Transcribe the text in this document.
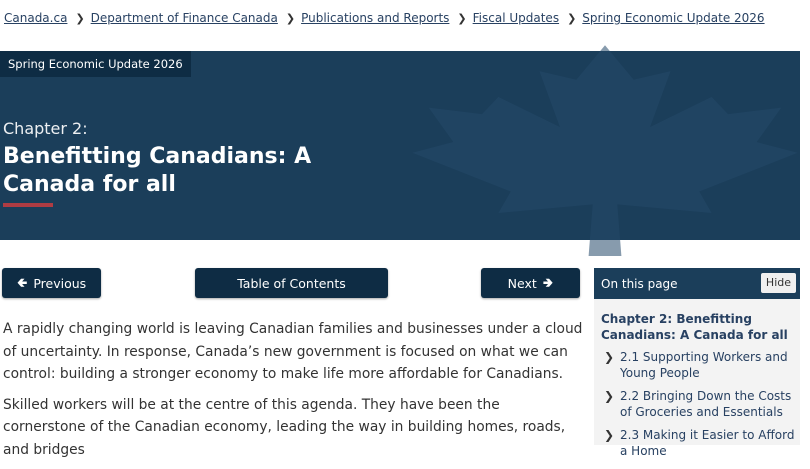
Canada.ca ❯ Department of Finance Canada ❯ Publications and Reports ❯ Fiscal Updates ❯ Spring Economic Update 2026
Spring Economic Update 2026
Chapter 2:
Benefitting Canadians: A Canada for all
🢀 Previous	Table of Contents	Next 🢂

A rapidly changing world is leaving Canadian families and businesses under a cloud of uncertainty. In response, Canada’s new government is focused on what we can control: building a stronger economy to make life more affordable for Canadians.

Skilled workers will be at the centre of this agenda. They have been the cornerstone of the Canadian economy, leading the way in building homes, roads, and bridges

On this page	Hide
Chapter 2: Benefitting Canadians: A Canada for all
❯ 2.1 Supporting Workers and Young People
❯ 2.2 Bringing Down the Costs of Groceries and Essentials
❯ 2.3 Making it Easier to Afford a Home
